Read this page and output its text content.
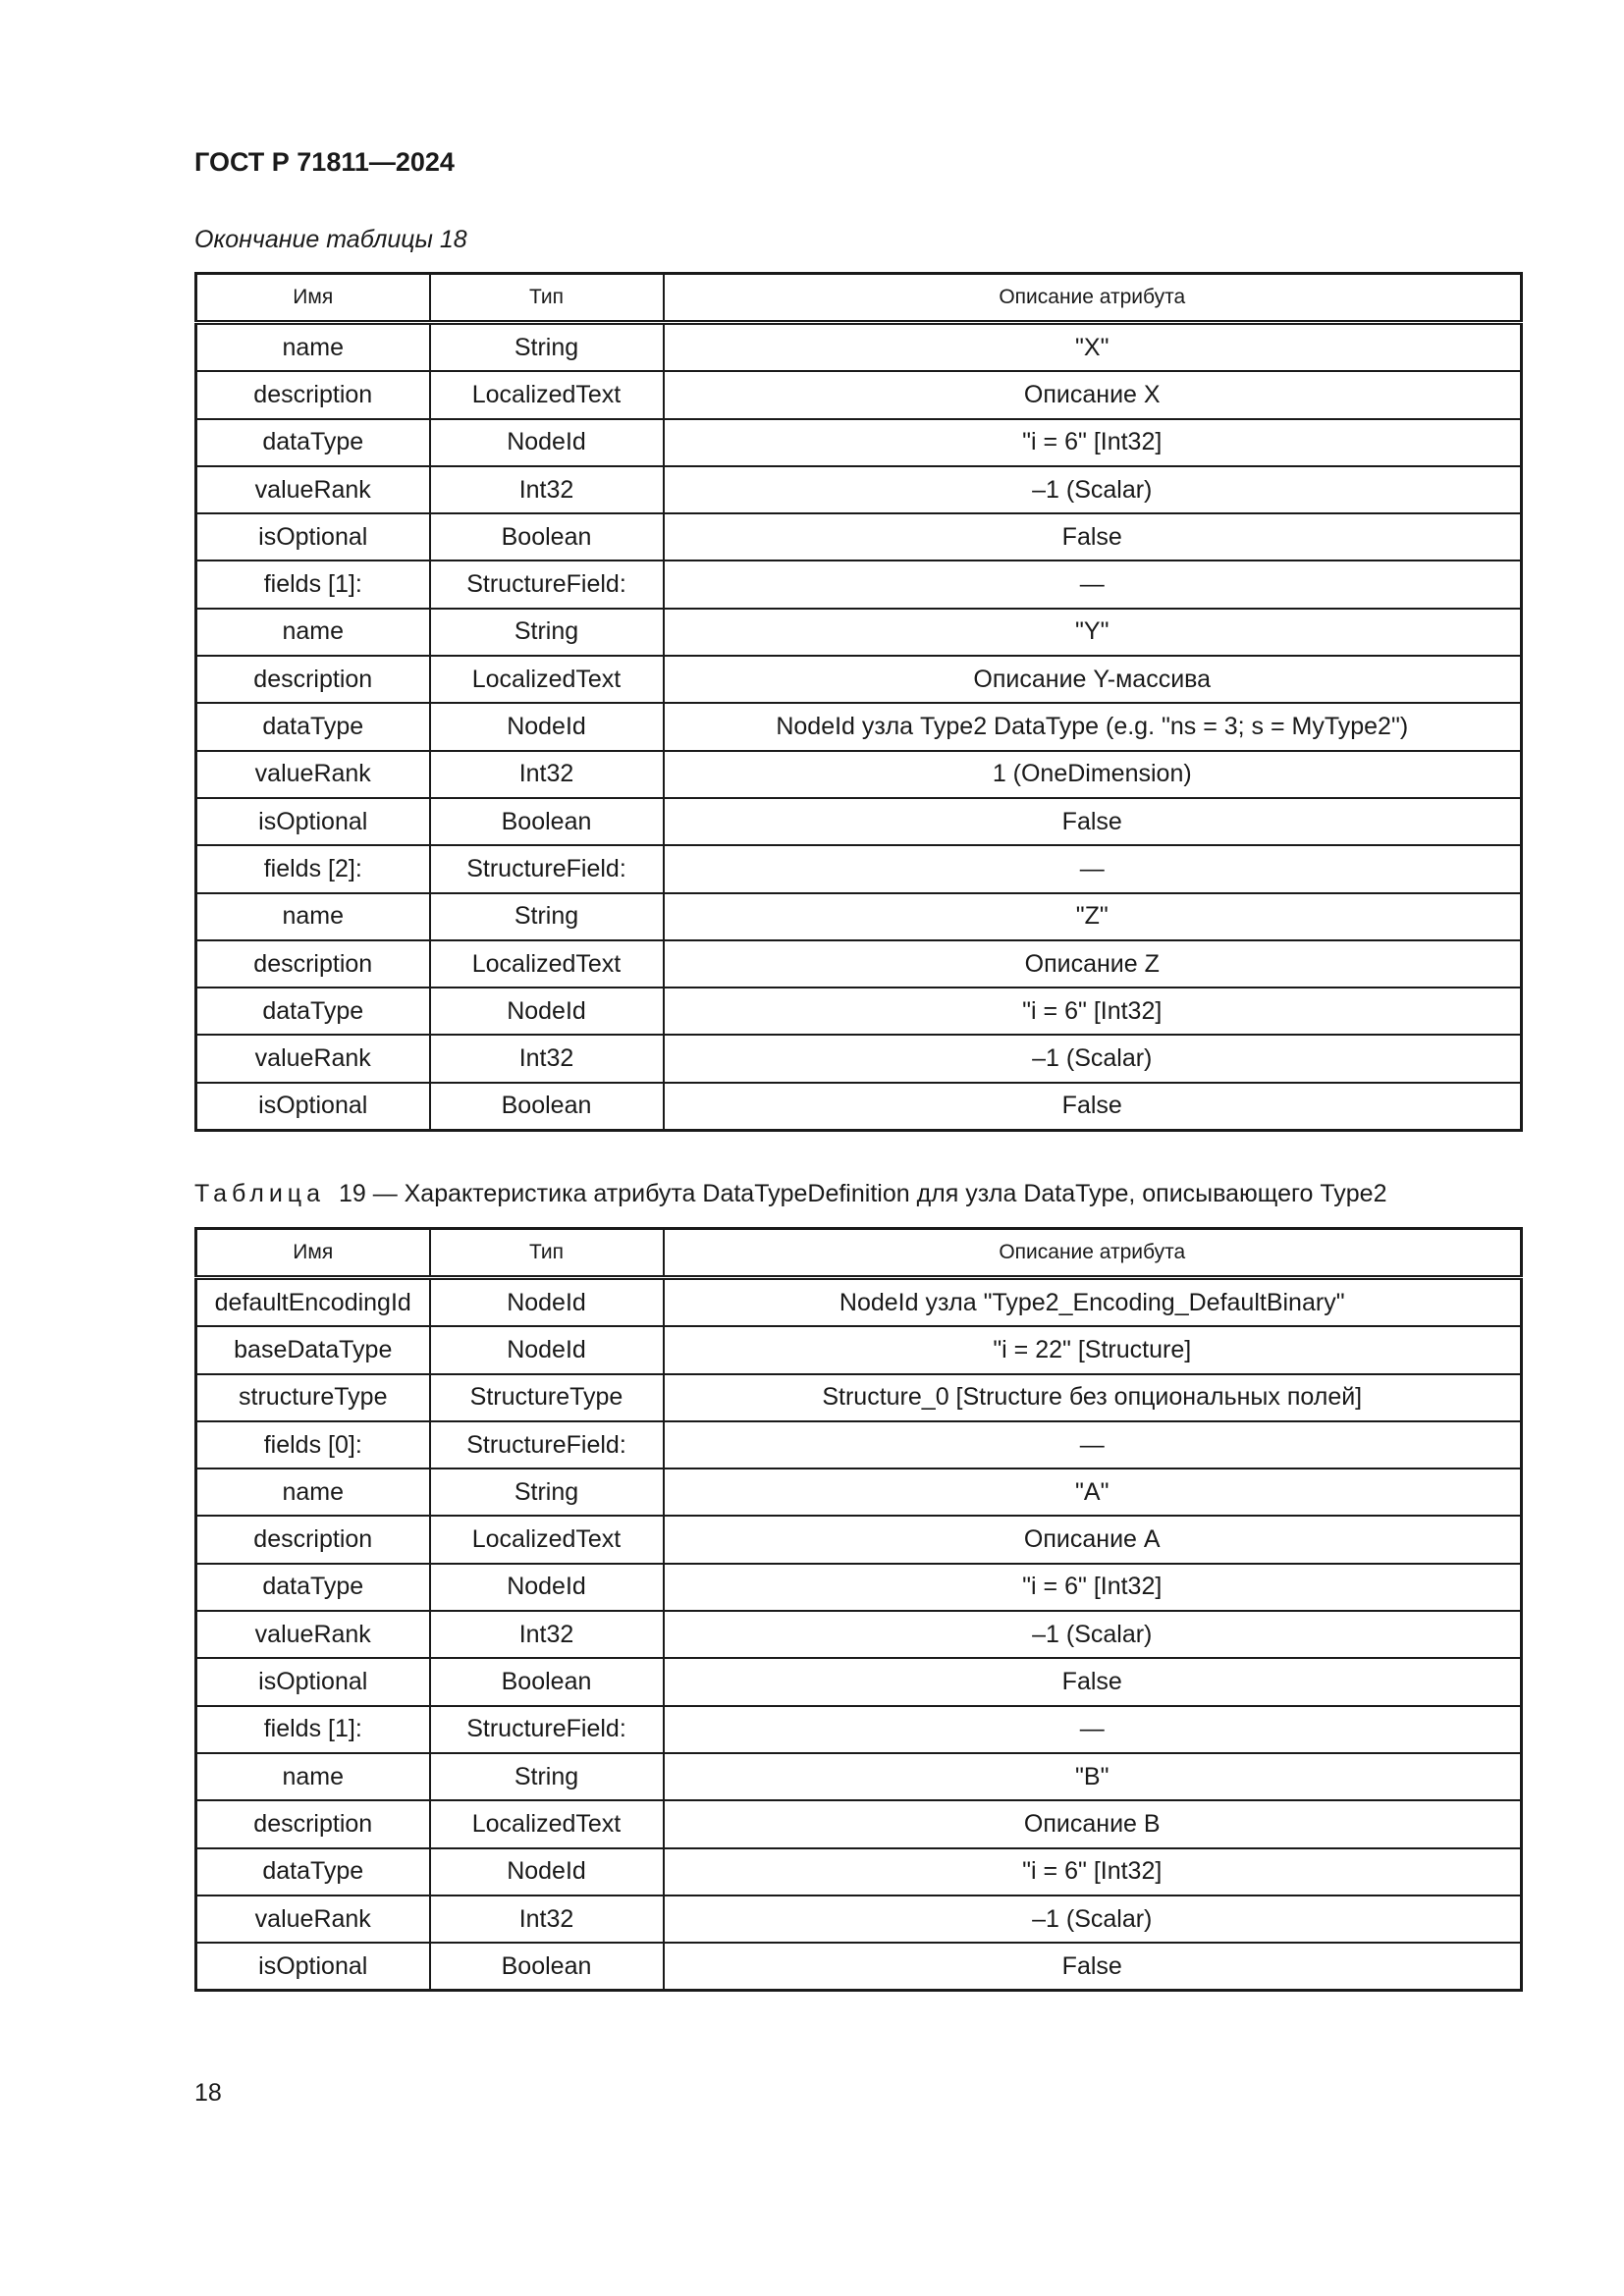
ГОСТ Р 71811—2024
Окончание таблицы 18
Имя	Тип	Описание атрибута
name	String	"X"
description	LocalizedText	Описание X
dataType	NodeId	"i = 6" [Int32]
valueRank	Int32	–1 (Scalar)
isOptional	Boolean	False
fields [1]:	StructureField:	—
name	String	"Y"
description	LocalizedText	Описание Y-массива
dataType	NodeId	NodeId узла Type2 DataType (e.g. "ns = 3; s = MyType2")
valueRank	Int32	1 (OneDimension)
isOptional	Boolean	False
fields [2]:	StructureField:	—
name	String	"Z"
description	LocalizedText	Описание Z
dataType	NodeId	"i = 6" [Int32]
valueRank	Int32	–1 (Scalar)
isOptional	Boolean	False
Таблица 19 — Характеристика атрибута DataTypeDefinition для узла DataType, описывающего Type2
Имя	Тип	Описание атрибута
defaultEncodingId	NodeId	NodeId узла "Type2_Encoding_DefaultBinary"
baseDataType	NodeId	"i = 22" [Structure]
structureType	StructureType	Structure_0 [Structure без опциональных полей]
fields [0]:	StructureField:	—
name	String	"A"
description	LocalizedText	Описание A
dataType	NodeId	"i = 6" [Int32]
valueRank	Int32	–1 (Scalar)
isOptional	Boolean	False
fields [1]:	StructureField:	—
name	String	"B"
description	LocalizedText	Описание B
dataType	NodeId	"i = 6" [Int32]
valueRank	Int32	–1 (Scalar)
isOptional	Boolean	False
18
